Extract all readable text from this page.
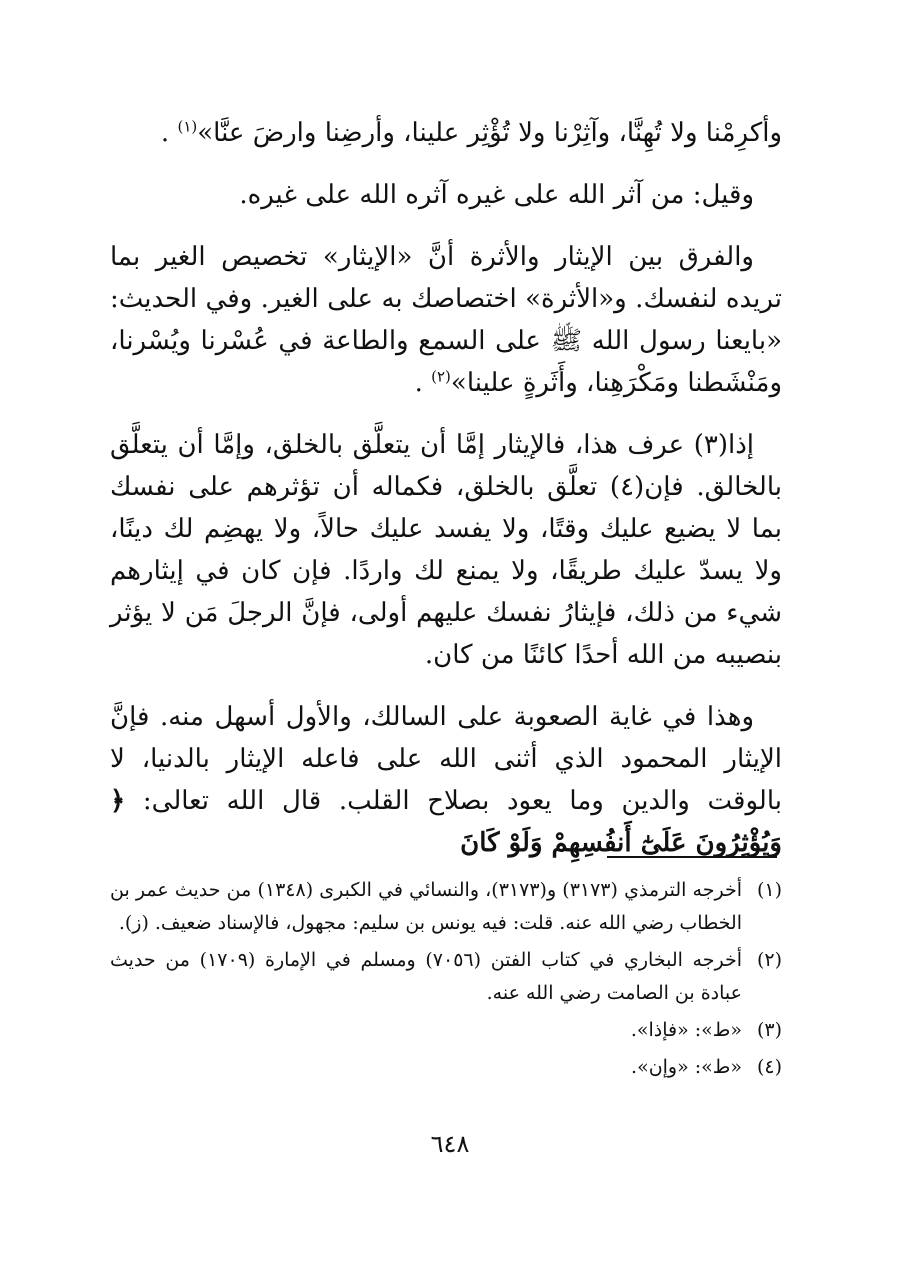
وأكرِمْنا ولا تُهِنَّا، وآثِرْنا ولا تُؤْثِر علينا، وأرضِنا وارضَ عنَّا»$^{(١)}$ .

وقيل: من آثر الله على غيره آثره الله على غيره.

والفرق بين الإيثار والأثرة أنَّ «الإيثار» تخصيص الغير بما تريده لنفسك. و«الأثرة» اختصاصك به على الغير. وفي الحديث: «بايعنا رسول الله ﷺ على السمع والطاعة في عُسْرنا ويُسْرنا، ومَنْشَطنا ومَكْرَهِنا، وأَثَرةٍ علينا»$^{(٢)}$ .

إذا(٣) عرف هذا، فالإيثار إمَّا أن يتعلَّق بالخلق، وإمَّا أن يتعلَّق بالخالق. فإن(٤) تعلَّق بالخلق، فكماله أن تؤثرهم على نفسك بما لا يضيع عليك وقتًا، ولا يفسد عليك حالاً، ولا يهضِم لك دينًا، ولا يسدّ عليك طريقًا، ولا يمنع لك واردًا. فإن كان في إيثارهم شيء من ذلك، فإيثارُ نفسك عليهم أولى، فإنَّ الرجلَ مَن لا يؤثر بنصيبه من الله أحدًا كائنًا من كان.

وهذا في غاية الصعوبة على السالك، والأول أسهل منه. فإنَّ الإيثار المحمود الذي أثنى الله على فاعله الإيثار بالدنيا، لا بالوقت والدين وما يعود بصلاح القلب. قال الله تعالى: ﴿ وَيُؤْثِرُونَ عَلَىٰٓ أَنفُسِهِمْ وَلَوْ كَانَ

(١)
أخرجه الترمذي (٣١٧٣) و(٣١٧٣)، والنسائي في الكبرى (١٣٤٨) من حديث عمر بن الخطاب رضي الله عنه. قلت: فيه يونس بن سليم: مجهول، فالإسناد ضعيف. (ز).
(٢)
أخرجه البخاري في كتاب الفتن (٧٠٥٦) ومسلم في الإمارة (١٧٠٩) من حديث عبادة بن الصامت رضي الله عنه.
(٣)
«ط»: «فإذا».
(٤)
«ط»: «وإن».
٦٤٨
